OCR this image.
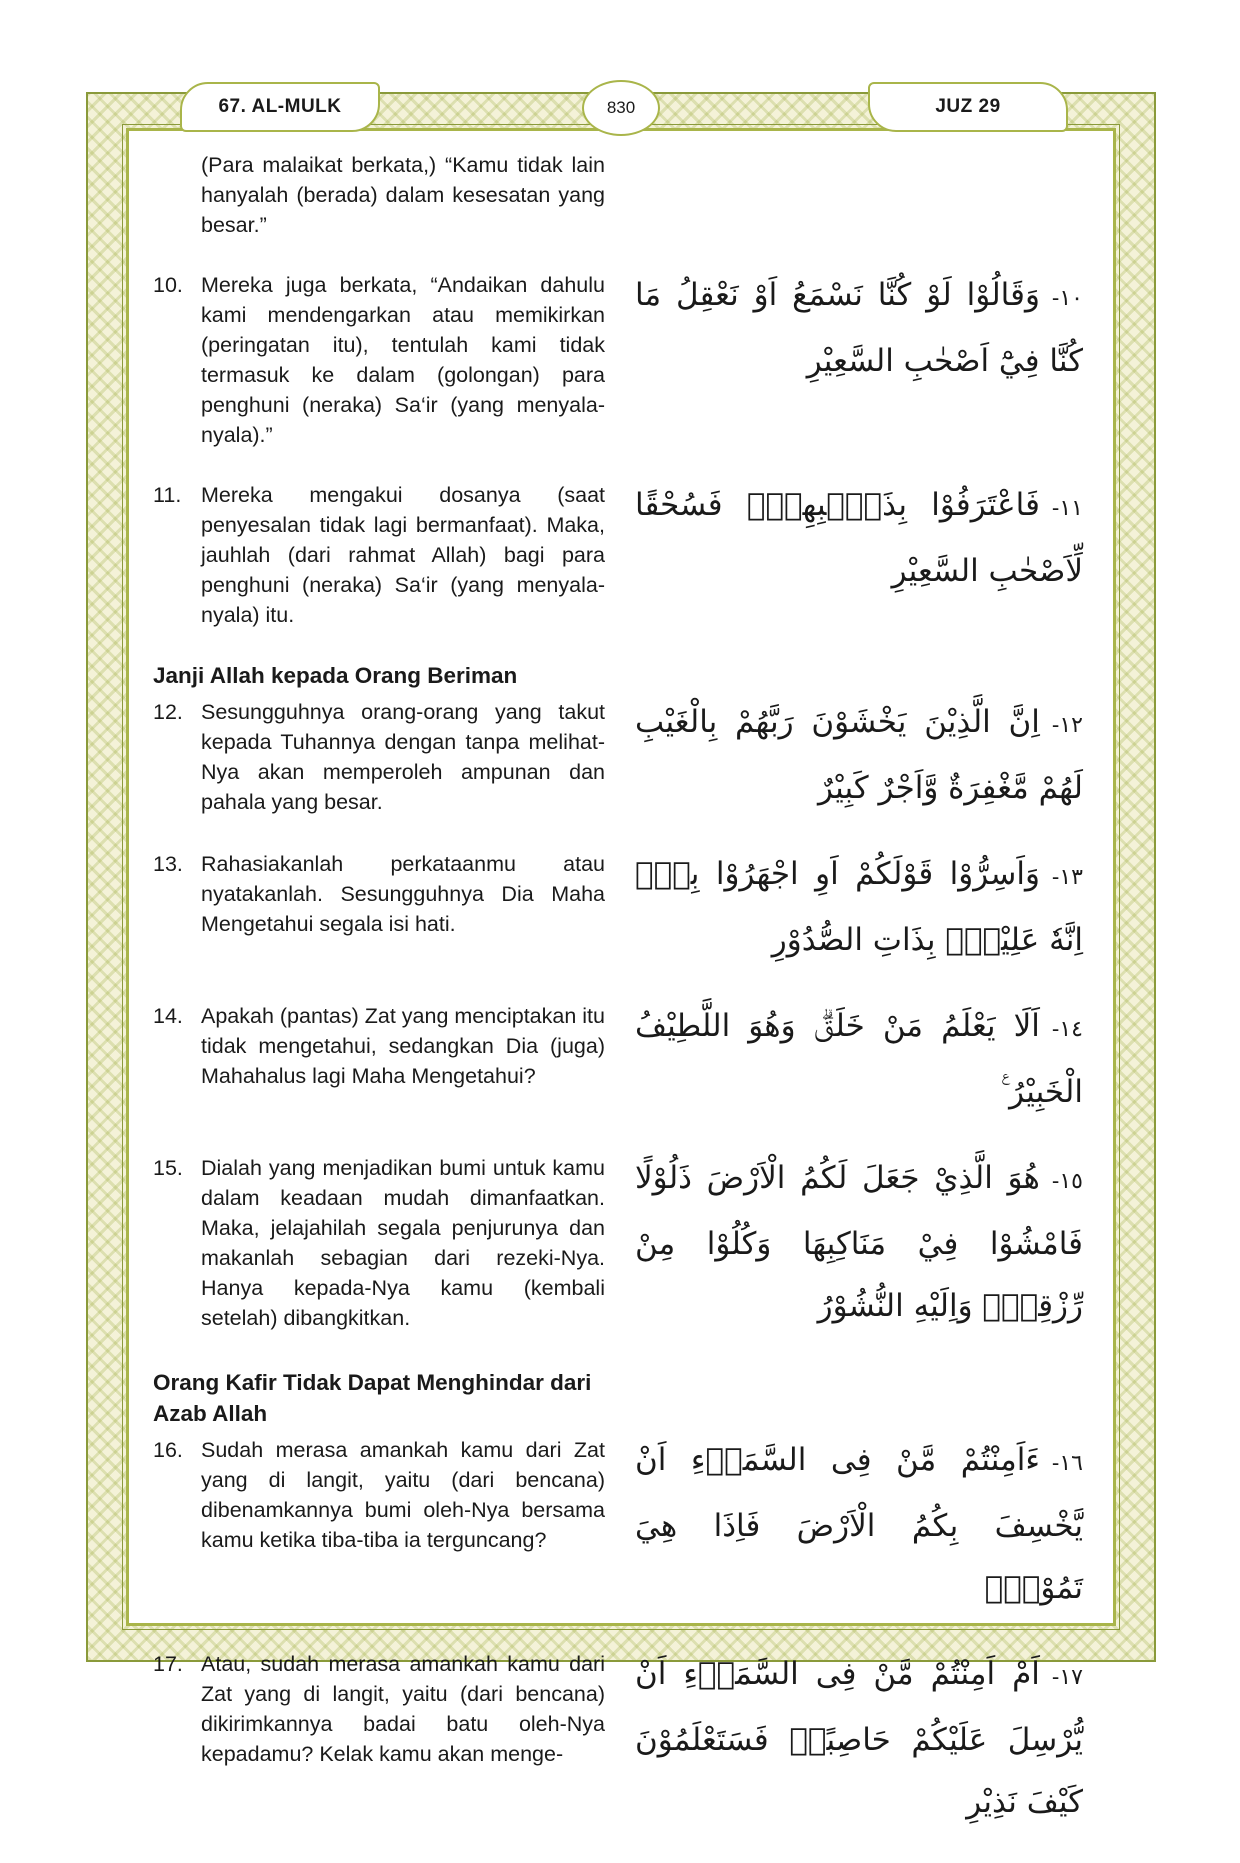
67. AL-MULK	830	JUZ 29
(Para malaikat berkata,) “Kamu tidak lain hanyalah (berada) dalam kesesatan yang besar.”
10. Mereka juga berkata, “Andaikan dahulu kami mendengarkan atau memikirkan (peringatan itu), tentulah kami tidak termasuk ke dalam (golongan) para penghuni (neraka) Sa‘ir (yang menyala-nyala).”
١٠-وَقَالُوْا لَوْ كُنَّا نَسْمَعُ اَوْ نَعْقِلُ مَا كُنَّا فِيْٓ اَصْحٰبِ السَّعِيْرِ
11. Mereka mengakui dosanya (saat penyesalan tidak lagi bermanfaat). Maka, jauhlah (dari rahmat Allah) bagi para penghuni (neraka) Sa‘ir (yang menyala-nyala) itu.
١١-فَاعْتَرَفُوْا بِذَنْۢبِهِمْۚ فَسُحْقًا لِّاَصْحٰبِ السَّعِيْرِ
Janji Allah kepada Orang Beriman
12. Sesungguhnya orang-orang yang takut kepada Tuhannya dengan tanpa melihat-Nya akan memperoleh ampunan dan pahala yang besar.
١٢-اِنَّ الَّذِيْنَ يَخْشَوْنَ رَبَّهُمْ بِالْغَيْبِ لَهُمْ مَّغْفِرَةٌ وَّاَجْرٌ كَبِيْرٌ
13. Rahasiakanlah perkataanmu atau nyatakanlah. Sesungguhnya Dia Maha Mengetahui segala isi hati.
١٣-وَاَسِرُّوْا قَوْلَكُمْ اَوِ اجْهَرُوْا بِهٖۗ اِنَّهٗ عَلِيْمٌۢ بِذَاتِ الصُّدُوْرِ
14. Apakah (pantas) Zat yang menciptakan itu tidak mengetahui, sedangkan Dia (juga) Mahahalus lagi Maha Mengetahui?
١٤-اَلَا يَعْلَمُ مَنْ خَلَقَۗ وَهُوَ اللَّطِيْفُ الْخَبِيْرُ ࣖ
15. Dialah yang menjadikan bumi untuk kamu dalam keadaan mudah dimanfaatkan. Maka, jelajahilah segala penjurunya dan makanlah sebagian dari rezeki-Nya. Hanya kepada-Nya kamu (kembali setelah) dibangkitkan.
١٥-هُوَ الَّذِيْ جَعَلَ لَكُمُ الْاَرْضَ ذَلُوْلًا فَامْشُوْا فِيْ مَنَاكِبِهَا وَكُلُوْا مِنْ رِّزْقِهٖۗ وَاِلَيْهِ النُّشُوْرُ
Orang Kafir Tidak Dapat Menghindar dari Azab Allah
16. Sudah merasa amankah kamu dari Zat yang di langit, yaitu (dari bencana) dibenamkannya bumi oleh-Nya bersama kamu ketika tiba-tiba ia terguncang?
١٦-ءَاَمِنْتُمْ مَّنْ فِى السَّمَاۤءِ اَنْ يَّخْسِفَ بِكُمُ الْاَرْضَ فَاِذَا هِيَ تَمُوْرُۙ
17. Atau, sudah merasa amankah kamu dari Zat yang di langit, yaitu (dari bencana) dikirimkannya badai batu oleh-Nya kepadamu? Kelak kamu akan menge-
١٧-اَمْ اَمِنْتُمْ مَّنْ فِى السَّمَاۤءِ اَنْ يُّرْسِلَ عَلَيْكُمْ حَاصِبًاۗ فَسَتَعْلَمُوْنَ كَيْفَ نَذِيْرِ
